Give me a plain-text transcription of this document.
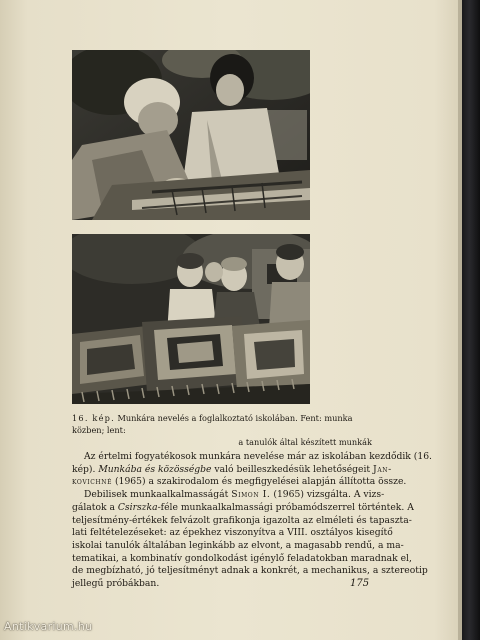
16. kép. Munkára nevelés a foglalkoztató iskolában. Fent: munka közben; lent:
a tanulók által készített munkák
Az értelmi fogyatékosok munkára nevelése már az iskolában kezdődik (16.
kép). Munkába és közösségbe való beilleszkedésük lehetőségeit Jan-
kovichné (1965) a szakirodalom és megfigyelései alapján állította össze.
Debilisek munkaalkalmasságát Simon I. (1965) vizsgálta. A vizs-
gálatok a Csirszka-féle munkaalkalmassági próbamódszerrel történtek. A
teljesítmény-értékek felvázolt grafikonja igazolta az elméleti és tapaszta-
lati feltételezéseket: az épekhez viszonyítva a VIII. osztályos kisegítő
iskolai tanulók általában leginkább az elvont, a magasabb rendű, a ma-
tematikai, a kombinatív gondolkodást igénylő feladatokban maradnak el,
de megbízható, jó teljesítményt adnak a konkrét, a mechanikus, a sztereotip
jellegű próbákban.	175
Antikvarium.hu
